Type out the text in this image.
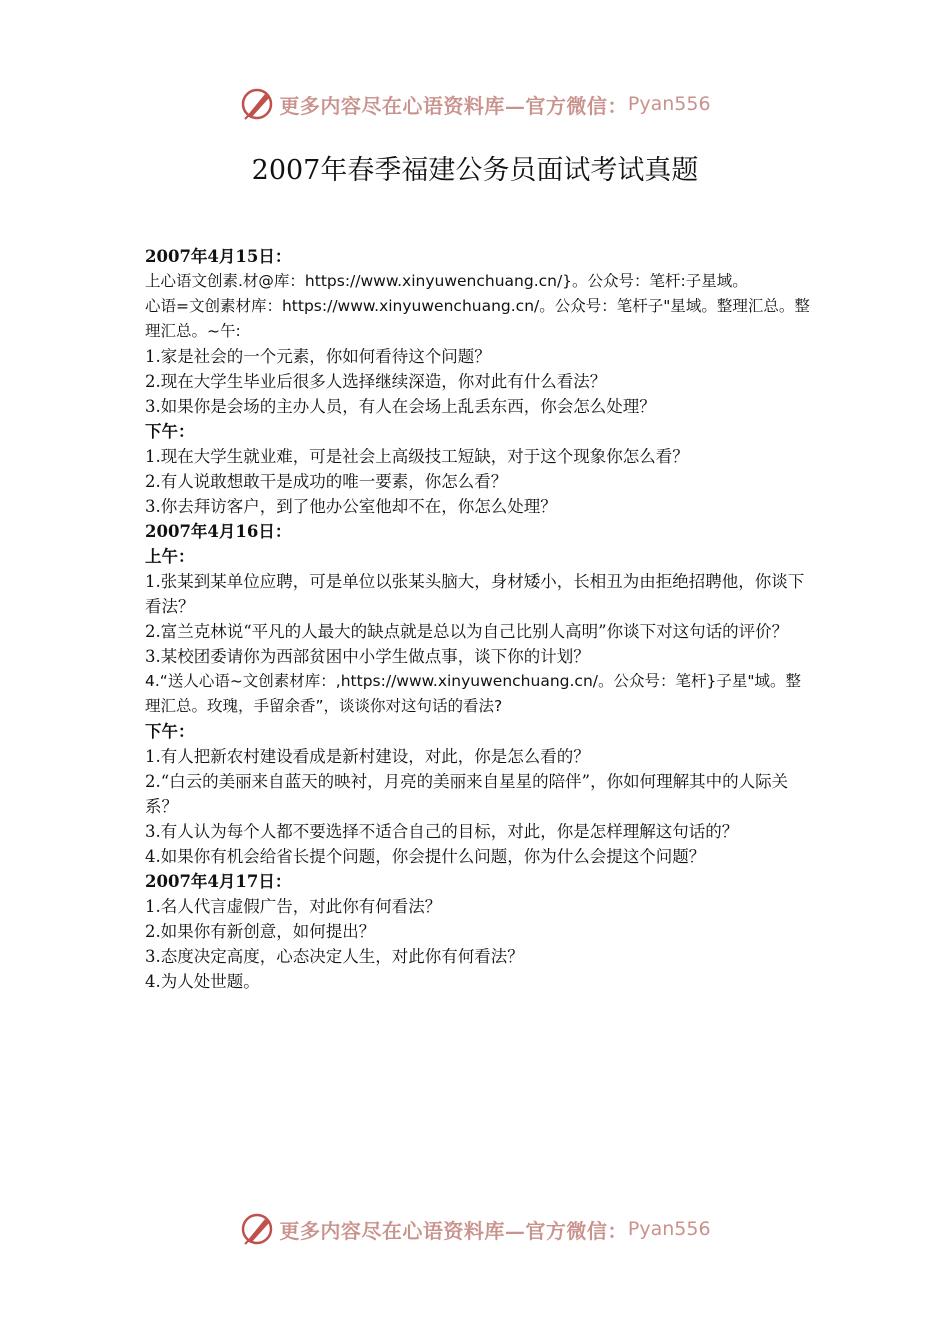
更多内容尽在心语资料库—官方微信： Pyan556
2007年春季福建公务员面试考试真题

2007年4月15日：

上心语文创素.材@库：https://www.xinyuwenchuang.cn/}。公众号：笔杆:子星域。

心语=文创素材库：https://www.xinyuwenchuang.cn/。公众号：笔杆子"星域。整理汇总。整理汇总。~午:

1.家是社会的一个元素，你如何看待这个问题？

2.现在大学生毕业后很多人选择继续深造，你对此有什么看法？

3.如果你是会场的主办人员，有人在会场上乱丢东西，你会怎么处理？

下午：

1.现在大学生就业难，可是社会上高级技工短缺，对于这个现象你怎么看？

2.有人说敢想敢干是成功的唯一要素，你怎么看？

3.你去拜访客户，到了他办公室他却不在，你怎么处理？

2007年4月16日：

上午：

1.张某到某单位应聘，可是单位以张某头脑大，身材矮小，长相丑为由拒绝招聘他，你谈下看法？

2.富兰克林说“平凡的人最大的缺点就是总以为自己比别人高明”你谈下对这句话的评价？

3.某校团委请你为西部贫困中小学生做点事，谈下你的计划？

4.“送人心语~文创素材库：,https://www.xinyuwenchuang.cn/。公众号：笔杆}子星"域。整理汇总。玫瑰，手留余香”，谈谈你对这句话的看法?

下午：

1.有人把新农村建设看成是新村建设，对此，你是怎么看的？

2.“白云的美丽来自蓝天的映衬，月亮的美丽来自星星的陪伴”，你如何理解其中的人际关系？

3.有人认为每个人都不要选择不适合自己的目标，对此，你是怎样理解这句话的？

4.如果你有机会给省长提个问题，你会提什么问题，你为什么会提这个问题？

2007年4月17日：

1.名人代言虚假广告，对此你有何看法？

2.如果你有新创意，如何提出？

3.态度决定高度，心态决定人生，对此你有何看法？

4.为人处世题。

更多内容尽在心语资料库—官方微信： Pyan556
